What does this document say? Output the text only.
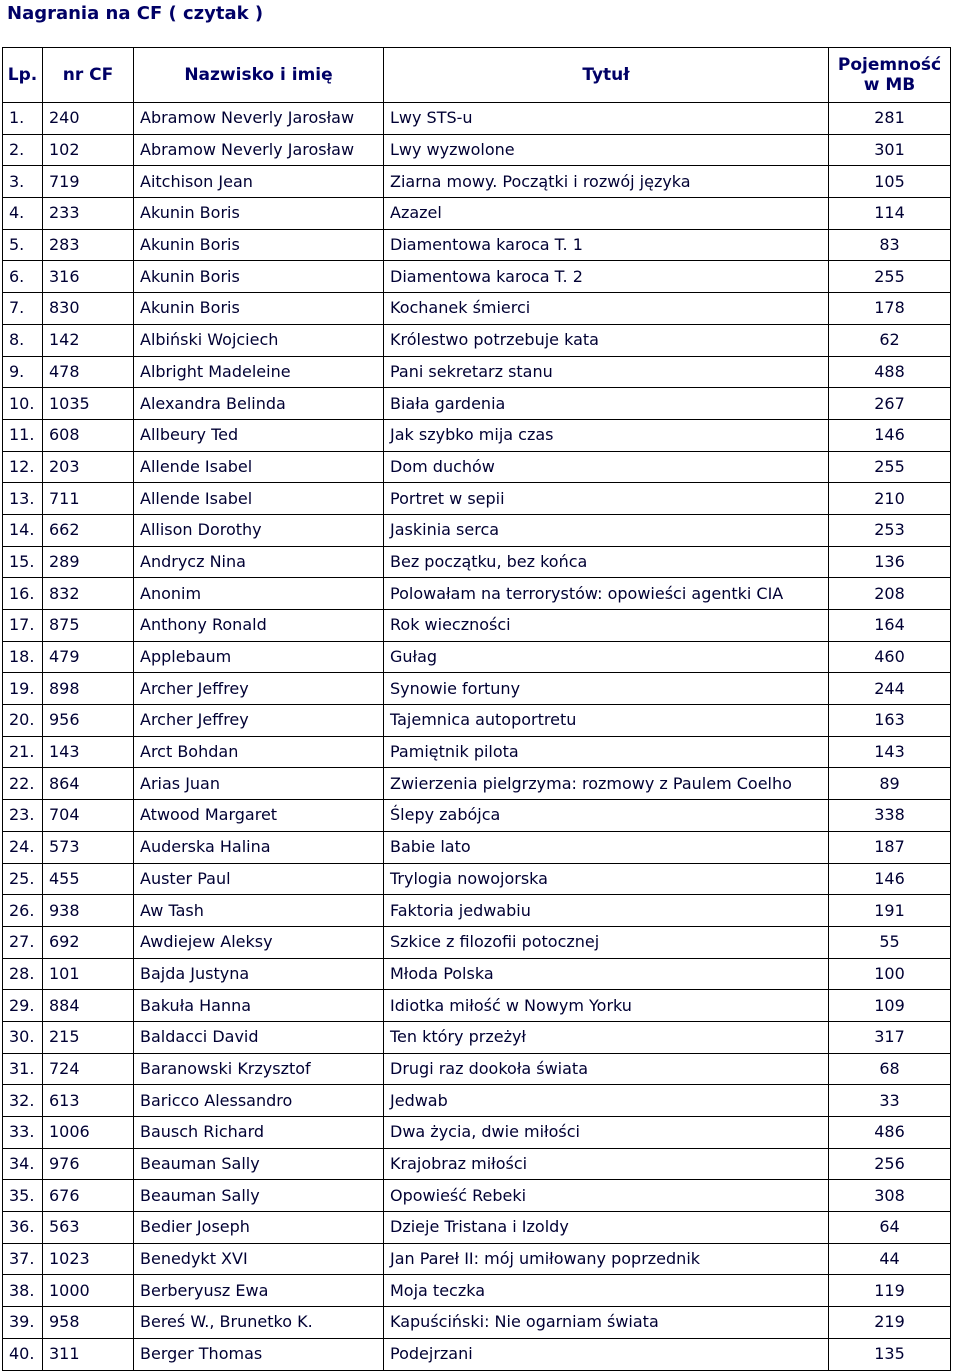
Nagrania na CF ( czytak )
Lp.	nr CF	Nazwisko i imię	Tytuł	Pojemność
w MB
1.	240	Abramow Neverly Jarosław	Lwy STS-u	281
2.	102	Abramow Neverly Jarosław	Lwy wyzwolone	301
3.	719	Aitchison Jean	Ziarna mowy. Początki i rozwój języka	105
4.	233	Akunin Boris	Azazel	114
5.	283	Akunin Boris	Diamentowa karoca T. 1	83
6.	316	Akunin Boris	Diamentowa karoca T. 2	255
7.	830	Akunin Boris	Kochanek śmierci	178
8.	142	Albiński Wojciech	Królestwo potrzebuje kata	62
9.	478	Albright Madeleine	Pani sekretarz stanu	488
10.	1035	Alexandra Belinda	Biała gardenia	267
11.	608	Allbeury Ted	Jak szybko mija czas	146
12.	203	Allende Isabel	Dom duchów	255
13.	711	Allende Isabel	Portret w sepii	210
14.	662	Allison Dorothy	Jaskinia serca	253
15.	289	Andrycz Nina	Bez początku, bez końca	136
16.	832	Anonim	Polowałam na terrorystów: opowieści agentki CIA	208
17.	875	Anthony Ronald	Rok wieczności	164
18.	479	Applebaum	Gułag	460
19.	898	Archer Jeffrey	Synowie fortuny	244
20.	956	Archer Jeffrey	Tajemnica autoportretu	163
21.	143	Arct Bohdan	Pamiętnik pilota	143
22.	864	Arias Juan	Zwierzenia pielgrzyma: rozmowy z Paulem Coelho	89
23.	704	Atwood Margaret	Ślepy zabójca	338
24.	573	Auderska Halina	Babie lato	187
25.	455	Auster Paul	Trylogia nowojorska	146
26.	938	Aw Tash	Faktoria jedwabiu	191
27.	692	Awdiejew Aleksy	Szkice z filozofii potocznej	55
28.	101	Bajda Justyna	Młoda Polska	100
29.	884	Bakuła Hanna	Idiotka miłość w Nowym Yorku	109
30.	215	Baldacci David	Ten który przeżył	317
31.	724	Baranowski Krzysztof	Drugi raz dookoła świata	68
32.	613	Baricco Alessandro	Jedwab	33
33.	1006	Bausch Richard	Dwa życia, dwie miłości	486
34.	976	Beauman Sally	Krajobraz miłości	256
35.	676	Beauman Sally	Opowieść Rebeki	308
36.	563	Bedier Joseph	Dzieje Tristana i Izoldy	64
37.	1023	Benedykt XVI	Jan Pareł II: mój umiłowany poprzednik	44
38.	1000	Berberyusz Ewa	Moja teczka	119
39.	958	Bereś W., Brunetko K.	Kapuściński: Nie ogarniam świata	219
40.	311	Berger Thomas	Podejrzani	135
